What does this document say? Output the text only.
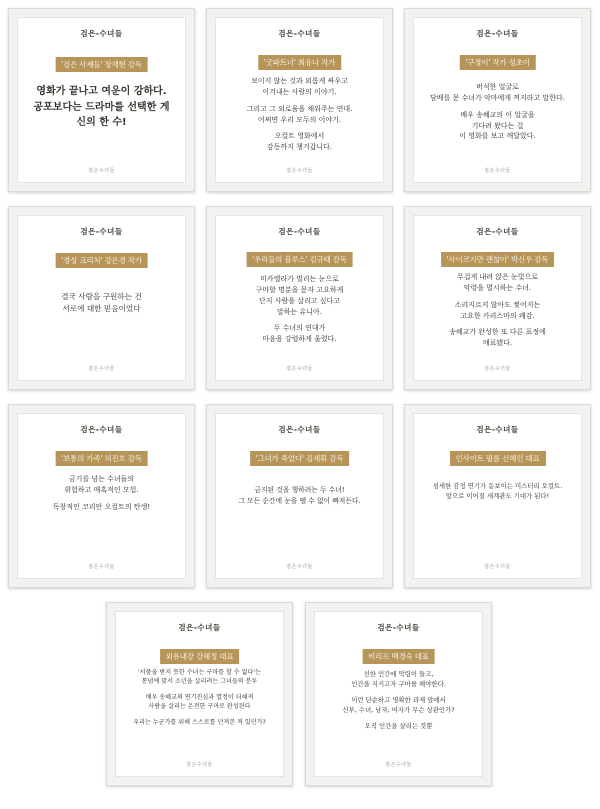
검은-수녀들
'검은 사제들' 장재현 감독

영화가 끝나고 여운이 강하다.
공포보다는 드라마를 선택한 게
신의 한 수!

검은수녀들
검은-수녀들
'굿파트너' 최유나 작가

보이지 않는 것과 외롭게 싸우고
이겨내는 사람의 이야기.

그리고 그 외로움을 채워주는 연대.
어쩌면 우리 모두의 이야기.

오컬트 영화에서
감동까지 챙겨갑니다.

검은수녀들
검은-수녀들
'구경이' 작가 성초이

버석한 얼굴로
담배를 문 수녀가 악마에게 꺼지라고 말한다.

배우 송혜교의 이 얼굴을
기다려 왔다는 걸
이 영화를 보고 깨달았다.

검은수녀들
검은-수녀들
'경성 크리처' 강은경 작가

결국 사람을 구원하는 건
서로에 대한 믿음이었다

검은수녀들
검은-수녀들
'우리들의 블루스' 김규태 감독

미카엘라가 벌리는 눈으로
구마할 명분을 묻자 고요하게
단지 사람을 살리고 싶다고
말하는 유니아.

두 수녀의 연대가
마음을 강렬하게 울렸다.

검은수녀들
검은-수녀들
'사이코지만 괜찮아' 박신우 감독

무겁게 내려 앉은 눈빛으로
악령을 멸시하는 수녀.

소리지르지 않아도 찢어지는
고요한 카리스마의 쾌감.

송혜교가 완성한 또 다른 표정에
매료됐다.

검은수녀들
검은-수녀들
'보통의 가족' 허진호 감독

금기를 넘는 수녀들의
위험하고 매혹적인 모험.

독창적인 코리안 오컬트의 탄생!

검은수녀들
검은-수녀들
'그녀가 죽었다' 김세휘 감독

금지된 것을 행하려는 두 수녀!
그 모든 순간에 눈을 뗄 수 없이 빠져든다.

검은수녀들
검은-수녀들
인사이트 필름 신혜인 대표

섬세한 감정 연기가 돋보이는 미스터리 오컬트.
앞으로 이어질 세계관도 기대가 된다!

검은수녀들
검은-수녀들
외유내강 강혜정 대표

'서품을 받지 못한 수녀는 구마를 할 수 없다'는
통념에 맞서 소년을 살리려는 그녀들의 분투

배우 송혜교의 연기진심과 열정이 더해져
사람을 살리는 온전한 구마로 완성된다

우리는 누군가를 위해 스스로를 던져본 적 있던가?

검은수녀들
검은-수녀들
비리프 백경숙 대표

선한 인간에 악령이 들고,
인간을 지키고자 구마를 해야한다.

이런 단순하고 명확한 과제 앞에서
신부, 수녀, 남자, 여자가 무슨 상관인가?

오직 인간을 살리는 것뿐

검은수녀들
